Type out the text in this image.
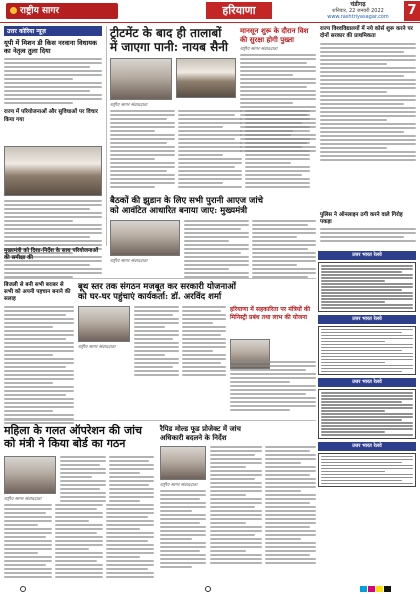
राष्ट्रीय सागर	हरियाणा	चंडीगढ़
शनिवार, 22 जनवरी 2022
www.rashtriyasagar.com	7
उत्तर कोरिया न्यूज़
यूपी में मिशन डी किस नरवाना विधायक का नेतृत्व तुला दिया
राज्य में परियोजनाओं और सुविधाओं पर विचार किया गया
ट्रीटमेंट के बाद ही तालाबों
में जाएगा पानी: नायब सैनी
राष्ट्रीय सागर संवाददाता
मानसून शुरू के दौरान विश
की सुरक्षा होगी पुख्ता
राष्ट्रीय सागर संवाददाता
राज्य विश्वविद्यालयों में नये कोर्स शुरू करने पर दोनों सरकार की प्राथमिकता
बैठकों की झुडान के लिए सभी पुरानी आएज जांचे
को आवंटित आधारित बनाया जाए: मुख्यमंत्री
राष्ट्रीय सागर संवाददाता
मुख्यमंत्री को दिशा-निर्देश के साथ परियोजनाओं की समीक्षा की
बिजली से बनी सभी बराबर से सभी को अपनी पहचान बनाने की सलाह
बूथ स्तर तक संगठन मजबूत कर सरकारी योजनाओं
को घर-घर पहुंचाएं कार्यकर्ता: डॉ. अरविंद शर्मा
राष्ट्रीय सागर संवाददाता
हरियाणा में सहकारिता पर मंत्रियों की
मिनिस्ट्री प्रबंध तथा लाभ की योजना
महिला के गलत ऑपरेशन की जांच
को मंत्री ने किया बोर्ड का गठन
राष्ट्रीय सागर संवाददाता
रैपिड मोल्ड फूड प्रोजेक्ट में जांच
अधिकारी बदलने के निर्देश
राष्ट्रीय सागर संवाददाता
उत्तर भारत रेलवे
उत्तर भारत रेलवे
उत्तर भारत रेलवे
उत्तर भारत रेलवे
पुलिस ने ऑनलाइन ठगी करने वाले गिरोह पकड़ा
